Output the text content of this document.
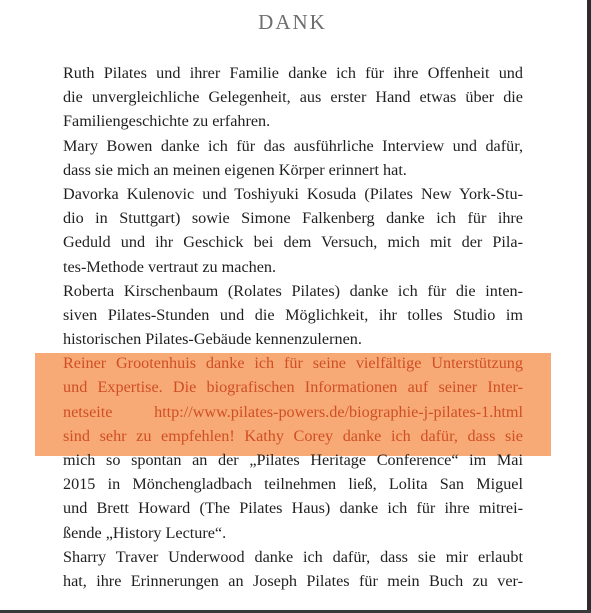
DANK
Ruth Pilates und ihrer Familie danke ich für ihre Offenheit und
die unvergleichliche Gelegenheit, aus erster Hand etwas über die
Familiengeschichte zu erfahren.
Mary Bowen danke ich für das ausführliche Interview und dafür,
dass sie mich an meinen eigenen Körper erinnert hat.
Davorka Kulenovic und Toshiyuki Kosuda (Pilates New York-Stu-
dio in Stuttgart) sowie Simone Falkenberg danke ich für ihre
Geduld und ihr Geschick bei dem Versuch, mich mit der Pila-
tes-Methode vertraut zu machen.
Roberta Kirschenbaum (Rolates Pilates) danke ich für die inten-
siven Pilates-Stunden und die Möglichkeit, ihr tolles Studio im
historischen Pilates-Gebäude kennenzulernen.
Reiner Grootenhuis danke ich für seine vielfältige Unterstützung
und Expertise. Die biografischen Informationen auf seiner Inter-
netseite http://www.pilates-powers.de/biographie-j-pilates-1.html
sind sehr zu empfehlen! Kathy Corey danke ich dafür, dass sie
mich so spontan an der „Pilates Heritage Conference“ im Mai
2015 in Mönchengladbach teilnehmen ließ, Lolita San Miguel
und Brett Howard (The Pilates Haus) danke ich für ihre mitrei-
ßende „History Lecture“.
Sharry Traver Underwood danke ich dafür, dass sie mir erlaubt
hat, ihre Erinnerungen an Joseph Pilates für mein Buch zu ver-
